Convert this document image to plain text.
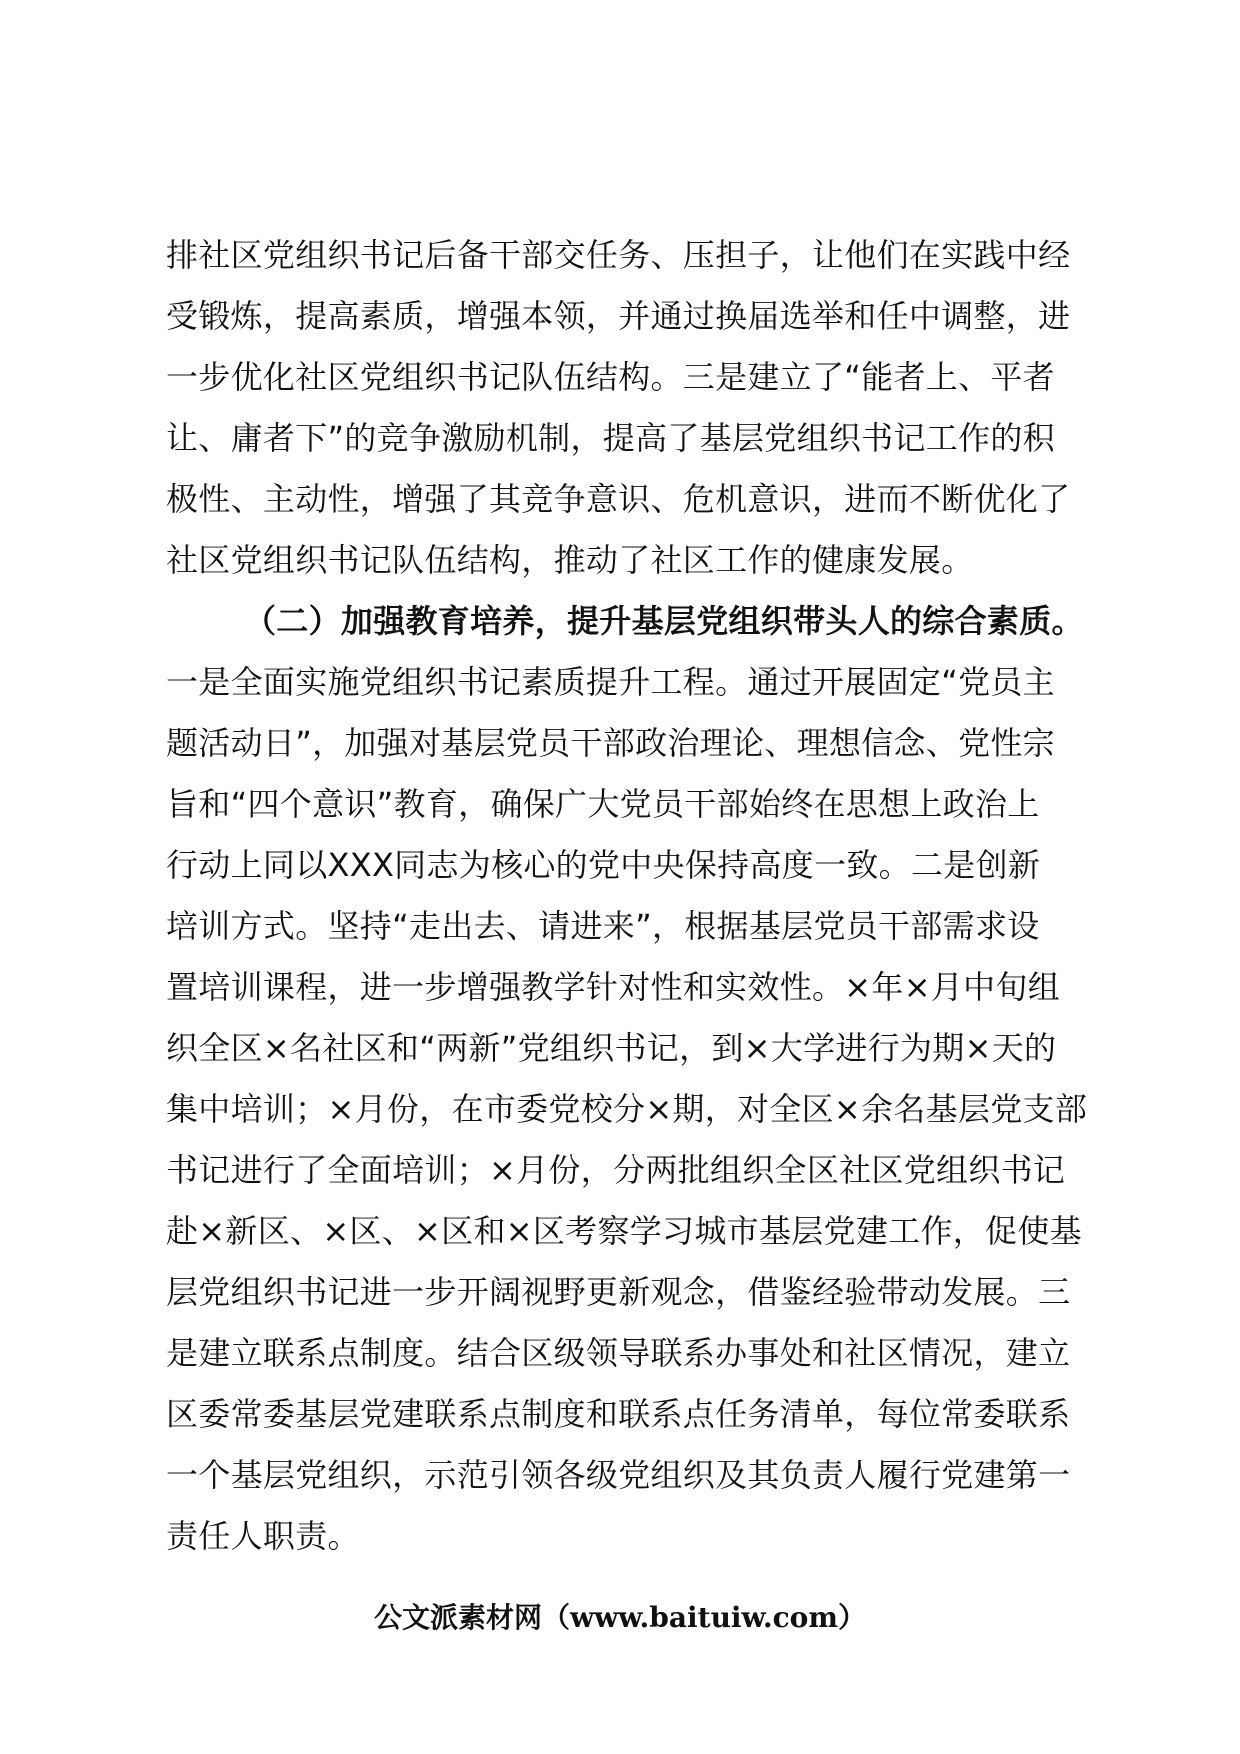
排社区党组织书记后备干部交任务、压担子，让他们在实践中经
受锻炼，提高素质，增强本领，并通过换届选举和任中调整，进
一步优化社区党组织书记队伍结构。三是建立了“能者上、平者
让、庸者下”的竞争激励机制，提高了基层党组织书记工作的积
极性、主动性，增强了其竞争意识、危机意识，进而不断优化了
社区党组织书记队伍结构，推动了社区工作的健康发展。
（二）加强教育培养，提升基层党组织带头人的综合素质。
一是全面实施党组织书记素质提升工程。通过开展固定“党员主
题活动日”，加强对基层党员干部政治理论、理想信念、党性宗
旨和“四个意识”教育，确保广大党员干部始终在思想上政治上
行动上同以XXX同志为核心的党中央保持高度一致。二是创新
培训方式。坚持“走出去、请进来”，根据基层党员干部需求设
置培训课程，进一步增强教学针对性和实效性。×年×月中旬组
织全区×名社区和“两新”党组织书记，到×大学进行为期×天的
集中培训；×月份，在市委党校分×期，对全区×余名基层党支部
书记进行了全面培训；×月份，分两批组织全区社区党组织书记
赴×新区、×区、×区和×区考察学习城市基层党建工作，促使基
层党组织书记进一步开阔视野更新观念，借鉴经验带动发展。三
是建立联系点制度。结合区级领导联系办事处和社区情况，建立
区委常委基层党建联系点制度和联系点任务清单，每位常委联系
一个基层党组织，示范引领各级党组织及其负责人履行党建第一
责任人职责。
公文派素材网（www.baituiw.com）
